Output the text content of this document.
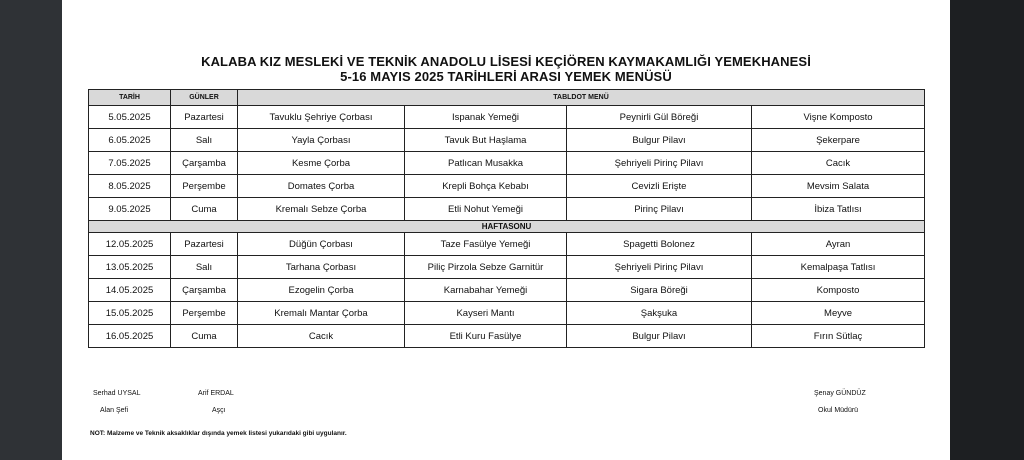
KALABA KIZ MESLEKİ VE TEKNİK ANADOLU LİSESİ KEÇİÖREN KAYMAKAMLIĞI YEMEKHANESİ
5-16 MAYIS 2025 TARİHLERİ ARASI YEMEK MENÜSÜ
TARİH	GÜNLER	TABLDOT MENÜ			
5.05.2025	Pazartesi	Tavuklu Şehriye Çorbası	Ispanak Yemeği	Peynirli Gül Böreği	Vişne Komposto
6.05.2025	Salı	Yayla Çorbası	Tavuk But Haşlama	Bulgur Pilavı	Şekerpare
7.05.2025	Çarşamba	Kesme Çorba	Patlıcan Musakka	Şehriyeli Pirinç Pilavı	Cacık
8.05.2025	Perşembe	Domates Çorba	Krepli Bohça Kebabı	Cevizli Erişte	Mevsim Salata
9.05.2025	Cuma	Kremalı Sebze Çorba	Etli Nohut Yemeği	Pirinç Pilavı	İbiza Tatlısı
HAFTASONU					
12.05.2025	Pazartesi	Düğün Çorbası	Taze Fasülye Yemeği	Spagetti Bolonez	Ayran
13.05.2025	Salı	Tarhana Çorbası	Piliç Pirzola Sebze Garnitür	Şehriyeli Pirinç Pilavı	Kemalpaşa Tatlısı
14.05.2025	Çarşamba	Ezogelin Çorba	Karnabahar Yemeği	Sigara Böreği	Komposto
15.05.2025	Perşembe	Kremalı Mantar Çorba	Kayseri Mantı	Şakşuka	Meyve
16.05.2025	Cuma	Cacık	Etli Kuru Fasülye	Bulgur Pilavı	Fırın Sütlaç
Serhad UYSAL
Alan Şefi
Arif ERDAL
Aşçı
Şenay GÜNDÜZ
Okul Müdürü
NOT: Malzeme ve Teknik aksaklıklar dışında yemek listesi yukarıdaki gibi uygulanır.
